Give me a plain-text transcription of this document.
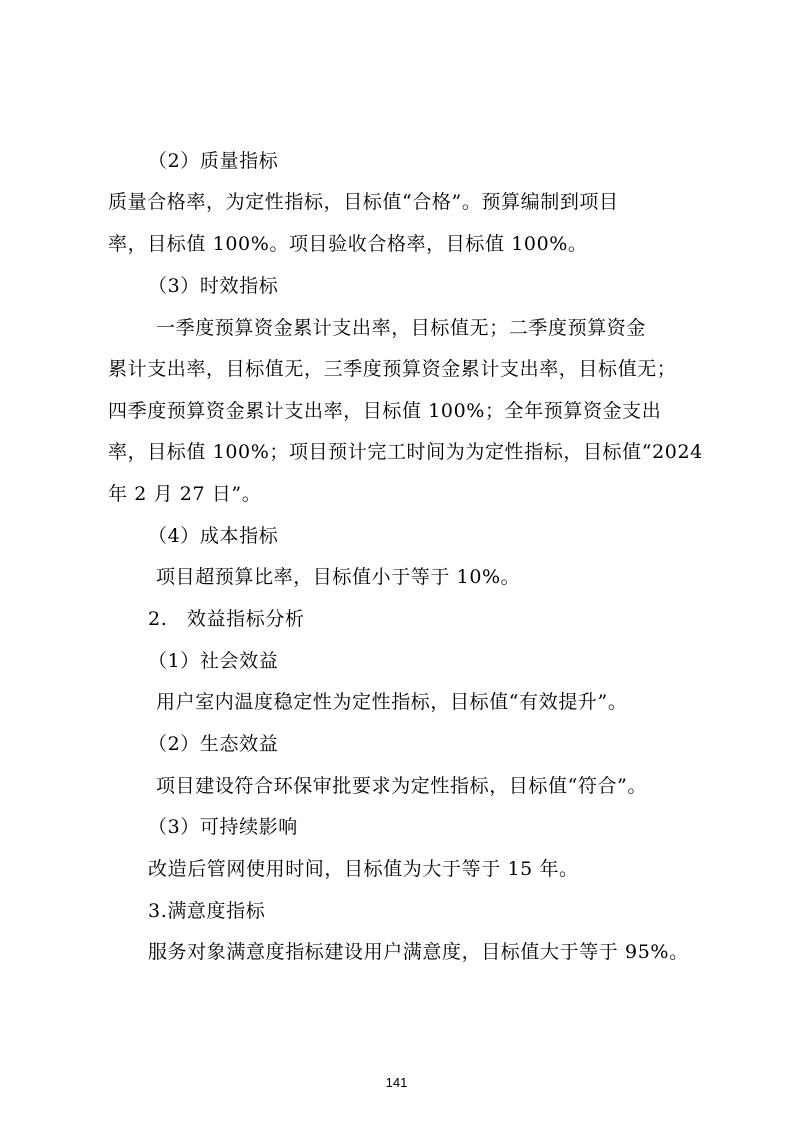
（2）质量指标
质量合格率，为定性指标，目标值“合格”。预算编制到项目
率，目标值 100%。项目验收合格率，目标值 100%。
（3）时效指标
一季度预算资金累计支出率，目标值无；二季度预算资金
累计支出率，目标值无，三季度预算资金累计支出率，目标值无；
四季度预算资金累计支出率，目标值 100%；全年预算资金支出
率，目标值 100%；项目预计完工时间为为定性指标，目标值“2024
年 2 月 27 日”。
（4）成本指标
项目超预算比率，目标值小于等于 10%。
2.　效益指标分析
（1）社会效益
用户室内温度稳定性为定性指标，目标值“有效提升”。
（2）生态效益
项目建设符合环保审批要求为定性指标，目标值“符合”。
（3）可持续影响
改造后管网使用时间，目标值为大于等于 15 年。
3.满意度指标
服务对象满意度指标建设用户满意度，目标值大于等于 95%。
141
